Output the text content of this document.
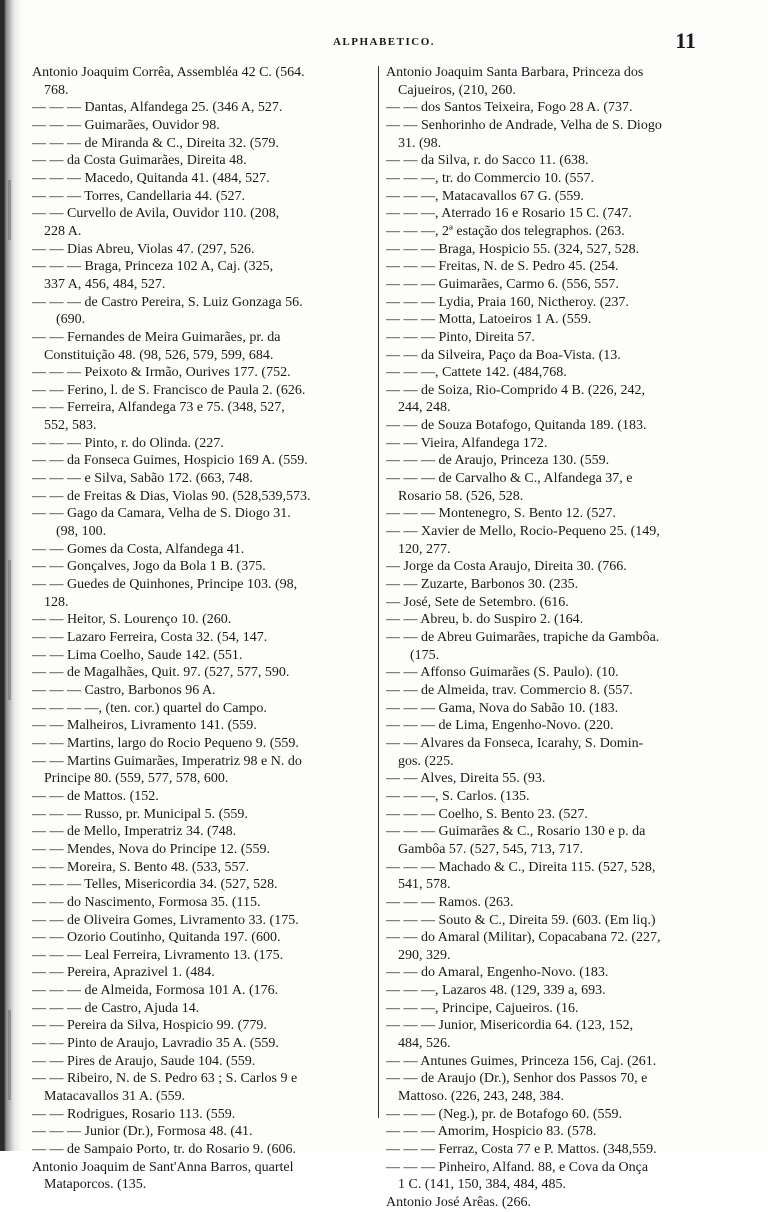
ALPHABETICO.	11
Antonio Joaquim Corrêa, Assembléa 42 C. (564.
768.
— — — Dantas, Alfandega 25. (346 A, 527.
— — — Guimarães, Ouvidor 98.
— — — de Miranda & C., Direita 32. (579.
— — da Costa Guimarães, Direita 48.
— — — Macedo, Quitanda 41. (484, 527.
— — — Torres, Candellaria 44. (527.
— — Curvello de Avila, Ouvidor 110. (208,
228 A.
— — Dias Abreu, Violas 47. (297, 526.
— — — Braga, Princeza 102 A, Caj. (325,
337 A, 456, 484, 527.
— — — de Castro Pereira, S. Luiz Gonzaga 56.
(690.
— — Fernandes de Meira Guimarães, pr. da
Constituição 48. (98, 526, 579, 599, 684.
— — — Peixoto & Irmão, Ourives 177. (752.
— — Ferino, l. de S. Francisco de Paula 2. (626.
— — Ferreira, Alfandega 73 e 75. (348, 527,
552, 583.
— — — Pinto, r. do Olinda. (227.
— — da Fonseca Guimes, Hospicio 169 A. (559.
— — — e Silva, Sabão 172. (663, 748.
— — de Freitas & Dias, Violas 90. (528,539,573.
— — Gago da Camara, Velha de S. Diogo 31.
(98, 100.
— — Gomes da Costa, Alfandega 41.
— — Gonçalves, Jogo da Bola 1 B. (375.
— — Guedes de Quinhones, Principe 103. (98,
128.
— — Heitor, S. Lourenço 10. (260.
— — Lazaro Ferreira, Costa 32. (54, 147.
— — Lima Coelho, Saude 142. (551.
— — de Magalhães, Quit. 97. (527, 577, 590.
— — — Castro, Barbonos 96 A.
— — — —, (ten. cor.) quartel do Campo.
— — Malheiros, Livramento 141. (559.
— — Martins, largo do Rocio Pequeno 9. (559.
— — Martins Guimarães, Imperatriz 98 e N. do
Principe 80. (559, 577, 578, 600.
— — de Mattos. (152.
— — — Russo, pr. Municipal 5. (559.
— — de Mello, Imperatriz 34. (748.
— — Mendes, Nova do Principe 12. (559.
— — Moreira, S. Bento 48. (533, 557.
— — — Telles, Misericordia 34. (527, 528.
— — do Nascimento, Formosa 35. (115.
— — de Oliveira Gomes, Livramento 33. (175.
— — Ozorio Coutinho, Quitanda 197. (600.
— — — Leal Ferreira, Livramento 13. (175.
— — Pereira, Aprazivel 1. (484.
— — — de Almeida, Formosa 101 A. (176.
— — — de Castro, Ajuda 14.
— — Pereira da Silva, Hospicio 99. (779.
— — Pinto de Araujo, Lavradio 35 A. (559.
— — Pires de Araujo, Saude 104. (559.
— — Ribeiro, N. de S. Pedro 63 ; S. Carlos 9 e
Matacavallos 31 A. (559.
— — Rodrigues, Rosario 113. (559.
— — — Junior (Dr.), Formosa 48. (41.
— — de Sampaio Porto, tr. do Rosario 9. (606.
Antonio Joaquim de Sant'Anna Barros, quartel
Mataporcos. (135.
Antonio Joaquim Santa Barbara, Princeza dos
Cajueiros, (210, 260.
— — dos Santos Teixeira, Fogo 28 A. (737.
— — Senhorinho de Andrade, Velha de S. Diogo
31. (98.
— — da Silva, r. do Sacco 11. (638.
— — —, tr. do Commercio 10. (557.
— — —, Matacavallos 67 G. (559.
— — —, Aterrado 16 e Rosario 15 C. (747.
— — —, 2ª estação dos telegraphos. (263.
— — — Braga, Hospicio 55. (324, 527, 528.
— — — Freitas, N. de S. Pedro 45. (254.
— — — Guimarães, Carmo 6. (556, 557.
— — — Lydia, Praia 160, Nictheroy. (237.
— — — Motta, Latoeiros 1 A. (559.
— — — Pinto, Direita 57.
— — da Silveira, Paço da Boa-Vista. (13.
— — —, Cattete 142. (484,768.
— — de Soiza, Rio-Comprido 4 B. (226, 242,
244, 248.
— — de Souza Botafogo, Quitanda 189. (183.
— — Vieira, Alfandega 172.
— — — de Araujo, Princeza 130. (559.
— — — de Carvalho & C., Alfandega 37, e
Rosario 58. (526, 528.
— — — Montenegro, S. Bento 12. (527.
— — Xavier de Mello, Rocio-Pequeno 25. (149,
120, 277.
— Jorge da Costa Araujo, Direita 30. (766.
— — Zuzarte, Barbonos 30. (235.
— José, Sete de Setembro. (616.
— — Abreu, b. do Suspiro 2. (164.
— — de Abreu Guimarães, trapiche da Gambôa.
(175.
— — Affonso Guimarães (S. Paulo). (10.
— — de Almeida, trav. Commercio 8. (557.
— — — Gama, Nova do Sabão 10. (183.
— — — de Lima, Engenho-Novo. (220.
— — Alvares da Fonseca, Icarahy, S. Domin-
gos. (225.
— — Alves, Direita 55. (93.
— — —, S. Carlos. (135.
— — — Coelho, S. Bento 23. (527.
— — — Guimarães & C., Rosario 130 e p. da
Gambôa 57. (527, 545, 713, 717.
— — — Machado & C., Direita 115. (527, 528,
541, 578.
— — — Ramos. (263.
— — — Souto & C., Direita 59. (603. (Em liq.)
— — do Amaral (Militar), Copacabana 72. (227,
290, 329.
— — do Amaral, Engenho-Novo. (183.
— — —, Lazaros 48. (129, 339 a, 693.
— — —, Principe, Cajueiros. (16.
— — — Junior, Misericordia 64. (123, 152,
484, 526.
— — Antunes Guimes, Princeza 156, Caj. (261.
— — de Araujo (Dr.), Senhor dos Passos 70, e
Mattoso. (226, 243, 248, 384.
— — — (Neg.), pr. de Botafogo 60. (559.
— — — Amorim, Hospicio 83. (578.
— — — Ferraz, Costa 77 e P. Mattos. (348,559.
— — — Pinheiro, Alfand. 88, e Cova da Onça
1 C. (141, 150, 384, 484, 485.
Antonio José Arêas. (266.
